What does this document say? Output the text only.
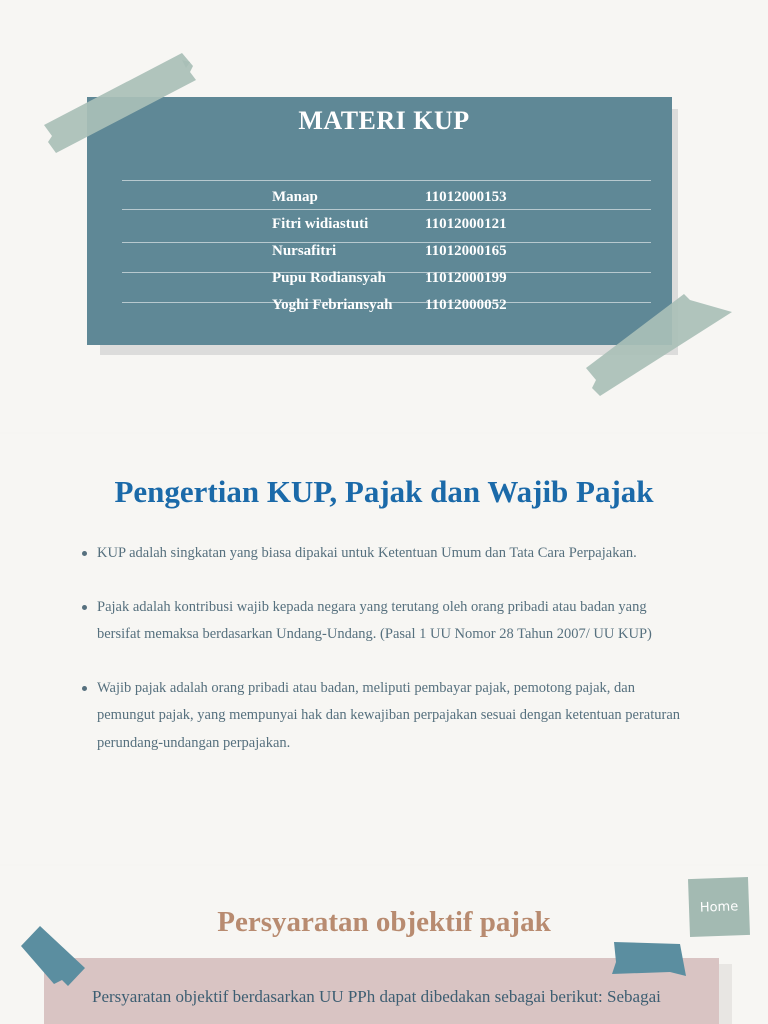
MATERI KUP
Manap	11012000153
Fitri widiastuti	11012000121
Nursafitri	11012000165
Pupu Rodiansyah	11012000199
Yoghi Febriansyah 11012000052
Pengertian KUP, Pajak dan Wajib Pajak
KUP adalah singkatan yang biasa dipakai untuk Ketentuan Umum dan Tata Cara Perpajakan.
Pajak adalah kontribusi wajib kepada negara yang terutang oleh orang pribadi atau badan yang bersifat memaksa berdasarkan Undang-Undang. (Pasal 1 UU Nomor 28 Tahun 2007/ UU KUP)
Wajib pajak adalah orang pribadi atau badan, meliputi pembayar pajak, pemotong pajak, dan pemungut pajak, yang mempunyai hak dan kewajiban perpajakan sesuai dengan ketentuan peraturan perundang-undangan perpajakan.
Home
Persyaratan objektif pajak
Persyaratan objektif berdasarkan UU PPh dapat dibedakan sebagai berikut: Sebagai
